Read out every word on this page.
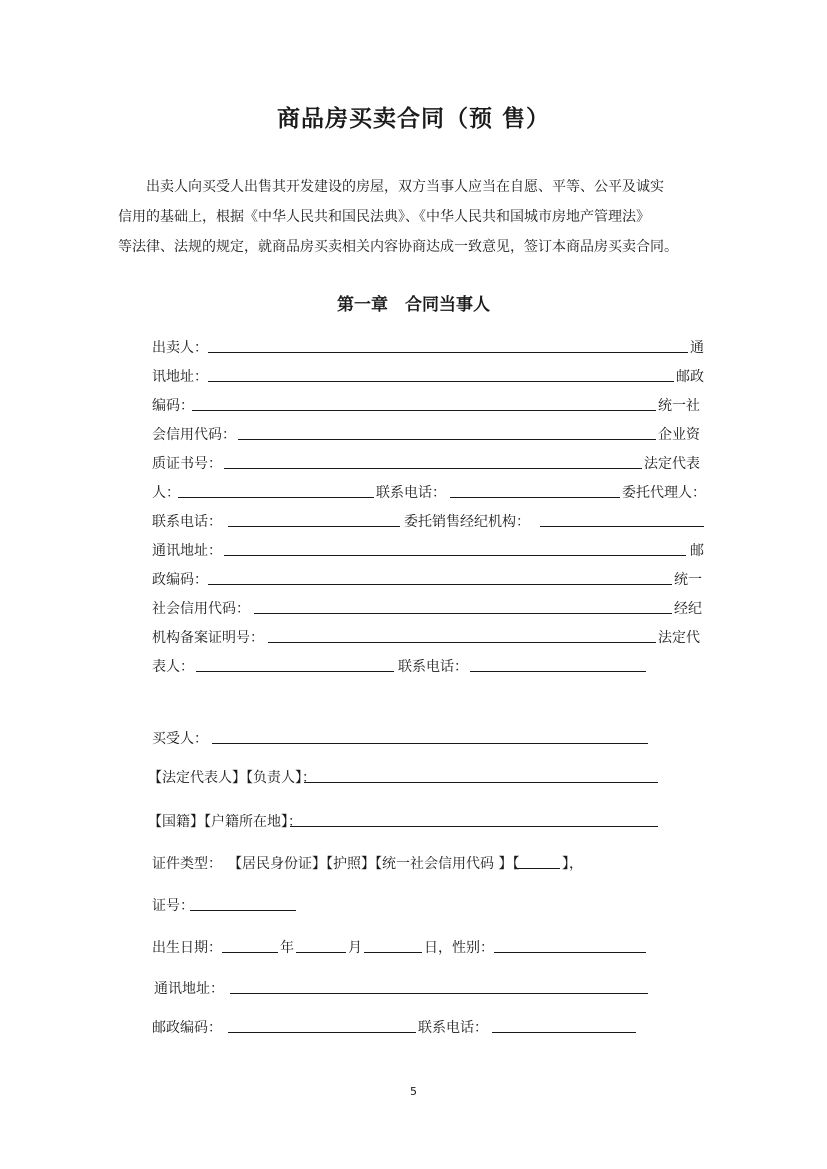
商品房买卖合同（预 售）

出卖人向买受人出售其开发建设的房屋，双方当事人应当在自愿、平等、公平及诚实

信用的基础上，根据《中华人民共和国民法典》、《中华人民共和国城市房地产管理法》

等法律、法规的规定，就商品房买卖相关内容协商达成一致意见，签订本商品房买卖合同。

第一章　合同当事人
出卖人：	通
讯地址：	邮政
编码：	统一社
会信用代码：	企业资
质证书号：	法定代表
人：	联系电话：	委托代理人：
联系电话：	委托销售经纪机构：
通讯地址：	邮
政编码：	统一
社会信用代码：	经纪
机构备案证明号：	法定代
表人：	联系电话：
买受人：
【法定代表人】【负责人】：
【国籍】【户籍所在地】：
证件类型： 【居民身份证】【护照】【统一社会信用代码 】【	】，
证号：
出生日期：	年	月	日，性别：
通讯地址：
邮政编码：	联系电话：
5
